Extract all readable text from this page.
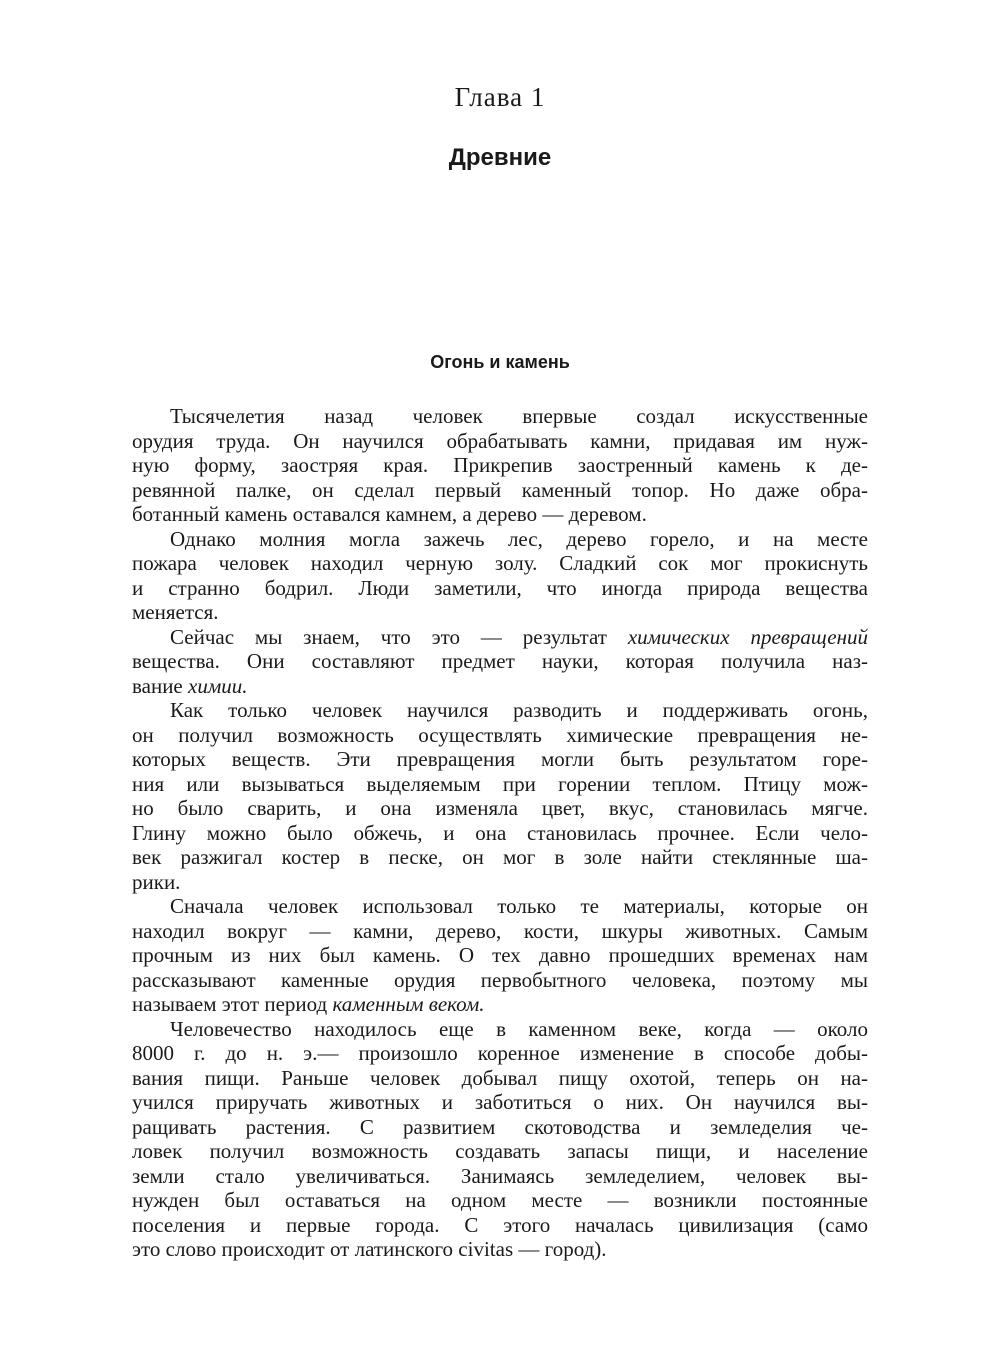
Глава 1
Древние
Огонь и камень
Тысячелетия назад человек впервые создал искусственные
орудия труда. Он научился обрабатывать камни, придавая им нуж-
ную форму, заостряя края. Прикрепив заостренный камень к де-
ревянной палке, он сделал первый каменный топор. Но даже обра-
ботанный камень оставался камнем, а дерево — деревом.
Однако молния могла зажечь лес, дерево горело, и на месте
пожара человек находил черную золу. Сладкий сок мог прокиснуть
и странно бодрил. Люди заметили, что иногда природа вещества
меняется.
Сейчас мы знаем, что это — результат химических превращений
вещества. Они составляют предмет науки, которая получила наз-
вание химии.
Как только человек научился разводить и поддерживать огонь,
он получил возможность осуществлять химические превращения не-
которых веществ. Эти превращения могли быть результатом горе-
ния или вызываться выделяемым при горении теплом. Птицу мож-
но было сварить, и она изменяла цвет, вкус, становилась мягче.
Глину можно было обжечь, и она становилась прочнее. Если чело-
век разжигал костер в песке, он мог в золе найти стеклянные ша-
рики.
Сначала человек использовал только те материалы, которые он
находил вокруг — камни, дерево, кости, шкуры животных. Самым
прочным из них был камень. О тех давно прошедших временах нам
рассказывают каменные орудия первобытного человека, поэтому мы
называем этот период каменным веком.
Человечество находилось еще в каменном веке, когда — около
8000 г. до н. э.— произошло коренное изменение в способе добы-
вания пищи. Раньше человек добывал пищу охотой, теперь он на-
учился приручать животных и заботиться о них. Он научился вы-
ращивать растения. С развитием скотоводства и земледелия че-
ловек получил возможность создавать запасы пищи, и население
земли стало увеличиваться. Занимаясь земледелием, человек вы-
нужден был оставаться на одном месте — возникли постоянные
поселения и первые города. С этого началась цивилизация (само
это слово происходит от латинского civitas — город).
